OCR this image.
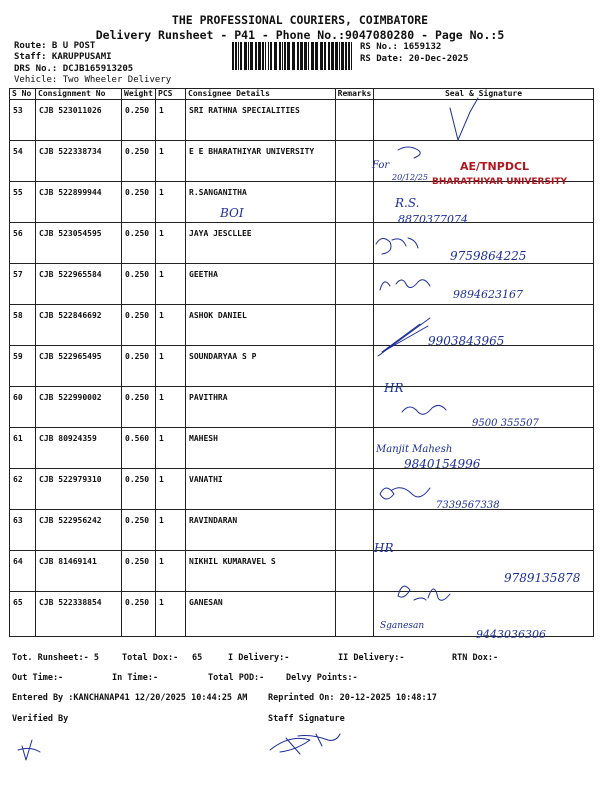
THE PROFESSIONAL COURIERS, COIMBATORE
Delivery Runsheet - P41 - Phone No.:9047080280 - Page No.:5
Route: B U POST
Staff: KARUPPUSAMI
DRS No.: DCJB165913205
Vehicle: Two Wheeler Delivery
RS No.: 1659132
RS Date: 20-Dec-2025
S No	Consignment No	Weight	PCS	Consignee Details	Remarks	Seal & Signature
53	CJB 523011026	0.250	1	SRI RATHNA SPECIALITIES		
54	CJB 522338734	0.250	1	E E BHARATHIYAR UNIVERSITY		
55	CJB 522899944	0.250	1	R.SANGANITHA		
56	CJB 523054595	0.250	1	JAYA JESCLLEE		
57	CJB 522965584	0.250	1	GEETHA		
58	CJB 522846692	0.250	1	ASHOK DANIEL		
59	CJB 522965495	0.250	1	SOUNDARYAA S P		
60	CJB 522990002	0.250	1	PAVITHRA		
61	CJB 80924359	0.560	1	MAHESH		
62	CJB 522979310	0.250	1	VANATHI		
63	CJB 522956242	0.250	1	RAVINDARAN		
64	CJB 81469141	0.250	1	NIKHIL KUMARAVEL S		
65	CJB 522338854	0.250	1	GANESAN		
For
20/12/25
AE/TNPDCL
BHARATHIYAR UNIVERSITY
R.S.
8870377074
BOI
9759864225
9894623167
9903843965
HR
9500 355507
Manjit Mahesh
9840154996
7339567338
HR
9789135878
Sganesan
9443036306
Tot. Runsheet:- 5	Total Dox:- 65	I Delivery:-	II Delivery:-	RTN Dox:-
Out Time:-	In Time:-	Total POD:-	Delvy Points:-
Entered By :KANCHANAP41 12/20/2025 10:44:25 AM Reprinted On: 20-12-2025 10:48:17
Verified By	Staff Signature
